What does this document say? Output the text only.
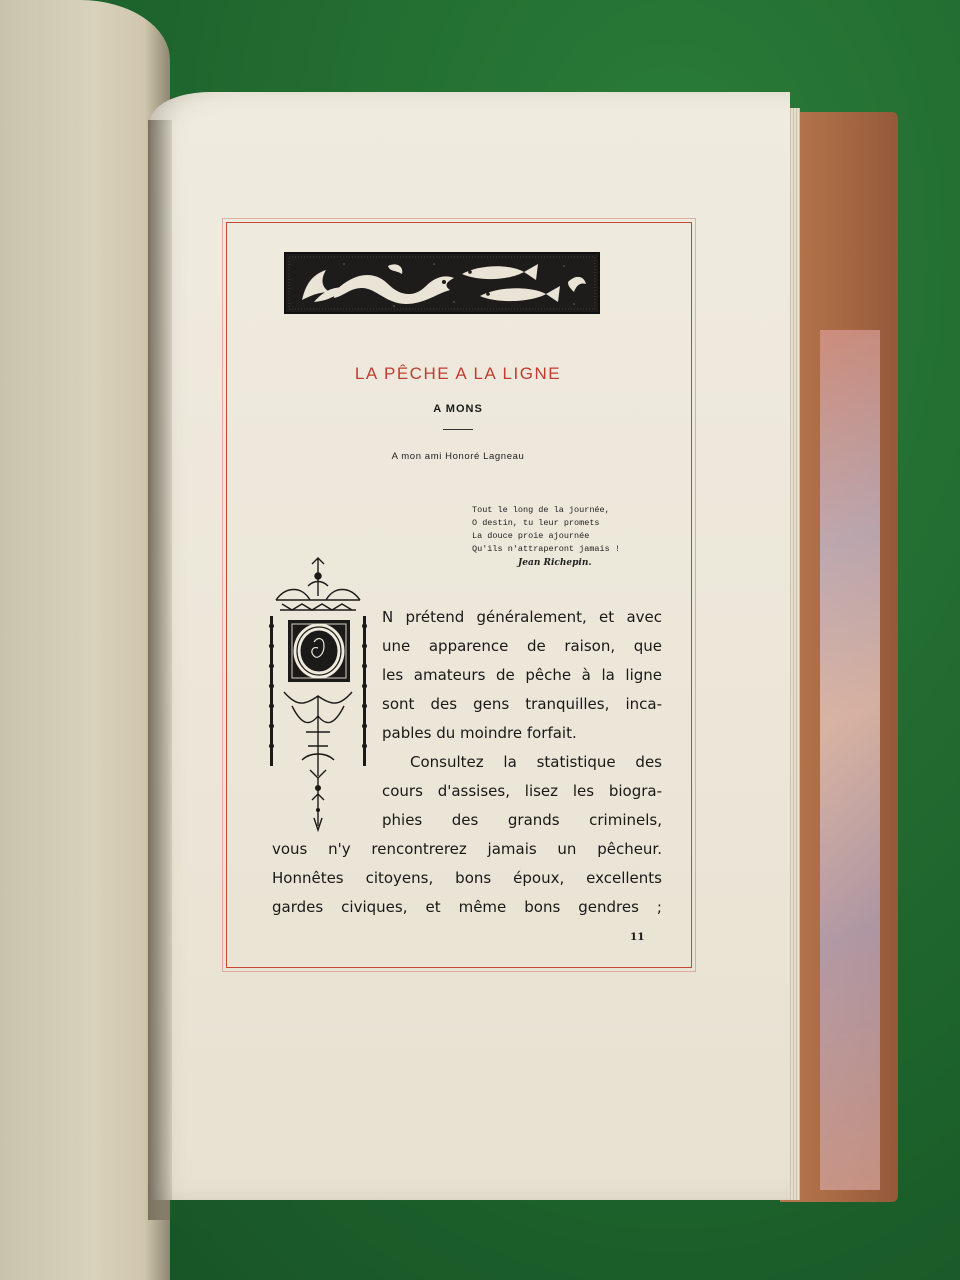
LA PÊCHE A LA LIGNE
A MONS
A mon ami Honoré Lagneau
Tout le long de la journée,
O destin, tu leur promets
La douce proie ajournée
Qu'ils n'attraperont jamais !
Jean Richepin.
N prétend généralement, et avec
une apparence de raison, que
les amateurs de pêche à la ligne
sont des gens tranquilles, inca-
pables du moindre forfait.
Consultez la statistique des
cours d'assises, lisez les biogra-
phies des grands criminels,
vous n'y rencontrerez jamais un pêcheur.
Honnêtes citoyens, bons époux, excellents
gardes civiques, et même bons gendres ;
11
